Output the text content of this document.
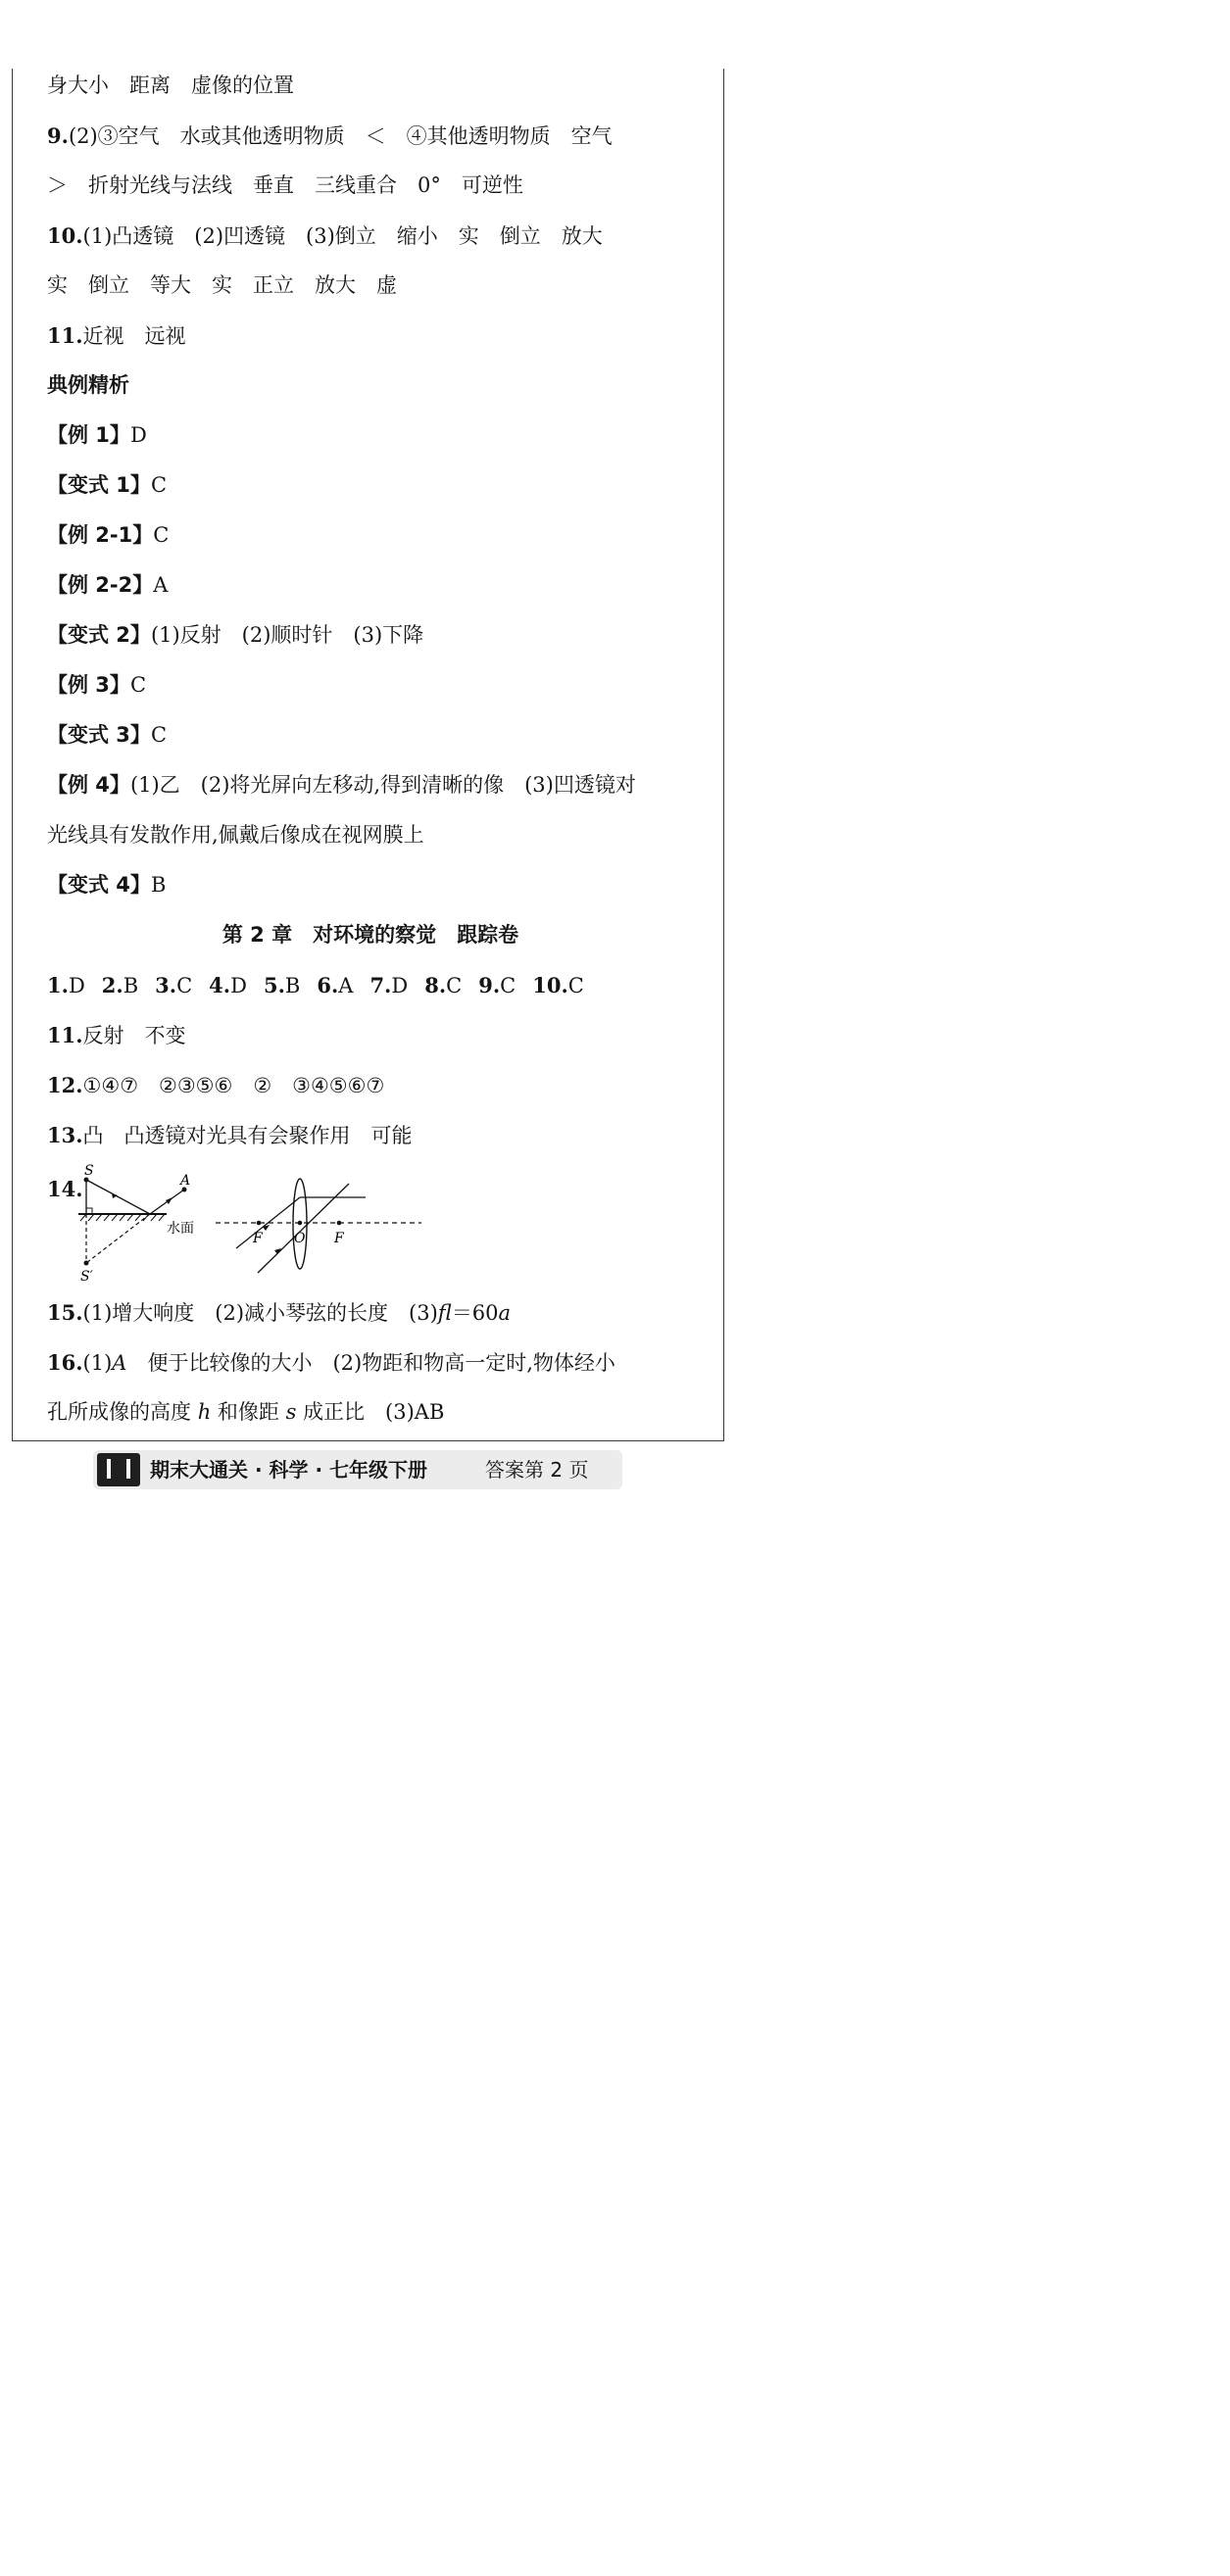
身大小　距离　虚像的位置
9.(2)③空气　水或其他透明物质　＜　④其他透明物质　空气
＞　折射光线与法线　垂直　三线重合　0°　可逆性
10.(1)凸透镜　(2)凹透镜　(3)倒立　缩小　实　倒立　放大
实　倒立　等大　实　正立　放大　虚
11.近视　远视
典例精析
【例 1】D
【变式 1】C
【例 2-1】C
【例 2-2】A
【变式 2】(1)反射　(2)顺时针　(3)下降
【例 3】C
【变式 3】C
【例 4】(1)乙　(2)将光屏向左移动,得到清晰的像　(3)凹透镜对
光线具有发散作用,佩戴后像成在视网膜上
【变式 4】B
第 2 章　对环境的察觉　跟踪卷
1.D 2.B 3.C 4.D 5.B 6.A 7.D 8.C 9.C 10.C
11.反射　不变
12.①④⑦　②③⑤⑥　②　③④⑤⑥⑦
13.凸　凸透镜对光具有会聚作用　可能
14.
S
S′
A
水面
F O F
15.(1)增大响度　(2)减小琴弦的长度　(3)fl＝60a
16.(1)A　便于比较像的大小　(2)物距和物高一定时,物体经小
孔所成像的高度 h 和像距 s 成正比　(3)AB
期末大通关 · 科学 · 七年级下册	答案第 2 页
